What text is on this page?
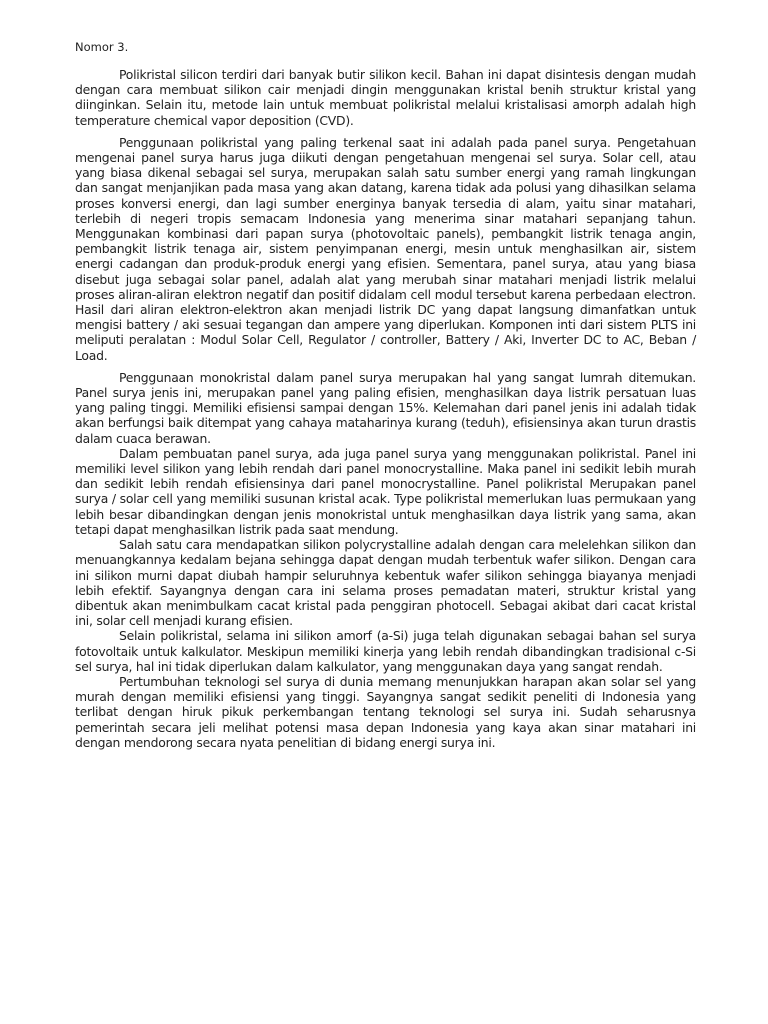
Nomor 3.

Polikristal silicon terdiri dari banyak butir silikon kecil. Bahan ini dapat disintesis dengan mudah dengan cara membuat silikon cair menjadi dingin menggunakan kristal benih struktur kristal yang diinginkan. Selain itu, metode lain untuk membuat polikristal melalui kristalisasi amorph adalah high temperature chemical vapor deposition (CVD).

Penggunaan polikristal yang paling terkenal saat ini adalah pada panel surya. Pengetahuan mengenai panel surya harus juga diikuti dengan pengetahuan mengenai sel surya. Solar cell, atau yang biasa dikenal sebagai sel surya, merupakan salah satu sumber energi yang ramah lingkungan dan sangat menjanjikan pada masa yang akan datang, karena tidak ada polusi yang dihasilkan selama proses konversi energi, dan lagi sumber energinya banyak tersedia di alam, yaitu sinar matahari, terlebih di negeri tropis semacam Indonesia yang menerima sinar matahari sepanjang tahun. Menggunakan kombinasi dari papan surya (photovoltaic panels), pembangkit listrik tenaga angin, pembangkit listrik tenaga air, sistem penyimpanan energi, mesin untuk menghasilkan air, sistem energi cadangan dan produk-produk energi yang efisien. Sementara, panel surya, atau yang biasa disebut juga sebagai solar panel, adalah alat yang merubah sinar matahari menjadi listrik melalui proses aliran-aliran elektron negatif dan positif didalam cell modul tersebut karena perbedaan electron. Hasil dari aliran elektron-elektron akan menjadi listrik DC yang dapat langsung dimanfatkan untuk mengisi battery / aki sesuai tegangan dan ampere yang diperlukan. Komponen inti dari sistem PLTS ini meliputi peralatan : Modul Solar Cell, Regulator / controller, Battery / Aki, Inverter DC to AC, Beban / Load.

Penggunaan monokristal dalam panel surya merupakan hal yang sangat lumrah ditemukan. Panel surya jenis ini, merupakan panel yang paling efisien, menghasilkan daya listrik persatuan luas yang paling tinggi. Memiliki efisiensi sampai dengan 15%. Kelemahan dari panel jenis ini adalah tidak akan berfungsi baik ditempat yang cahaya mataharinya kurang (teduh), efisiensinya akan turun drastis dalam cuaca berawan.

Dalam pembuatan panel surya, ada juga panel surya yang menggunakan polikristal. Panel ini memiliki level silikon yang lebih rendah dari panel monocrystalline. Maka panel ini sedikit lebih murah dan sedikit lebih rendah efisiensinya dari panel monocrystalline. Panel polikristal Merupakan panel surya / solar cell yang memiliki susunan kristal acak. Type polikristal memerlukan luas permukaan yang lebih besar dibandingkan dengan jenis monokristal untuk menghasilkan daya listrik yang sama, akan tetapi dapat menghasilkan listrik pada saat mendung.

Salah satu cara mendapatkan silikon polycrystalline adalah dengan cara melelehkan silikon dan menuangkannya kedalam bejana sehingga dapat dengan mudah terbentuk wafer silikon. Dengan cara ini silikon murni dapat diubah hampir seluruhnya kebentuk wafer silikon sehingga biayanya menjadi lebih efektif. Sayangnya dengan cara ini selama proses pemadatan materi, struktur kristal yang dibentuk akan menimbulkam cacat kristal pada penggiran photocell. Sebagai akibat dari cacat kristal ini, solar cell menjadi kurang efisien.

Selain polikristal, selama ini silikon amorf (a-Si) juga telah digunakan sebagai bahan sel surya fotovoltaik untuk kalkulator. Meskipun memiliki kinerja yang lebih rendah dibandingkan tradisional c-Si sel surya, hal ini tidak diperlukan dalam kalkulator, yang menggunakan daya yang sangat rendah.

Pertumbuhan teknologi sel surya di dunia memang menunjukkan harapan akan solar sel yang murah dengan memiliki efisiensi yang tinggi. Sayangnya sangat sedikit peneliti di Indonesia yang terlibat dengan hiruk pikuk perkembangan tentang teknologi sel surya ini. Sudah seharusnya pemerintah secara jeli melihat potensi masa depan Indonesia yang kaya akan sinar matahari ini dengan mendorong secara nyata penelitian di bidang energi surya ini.
